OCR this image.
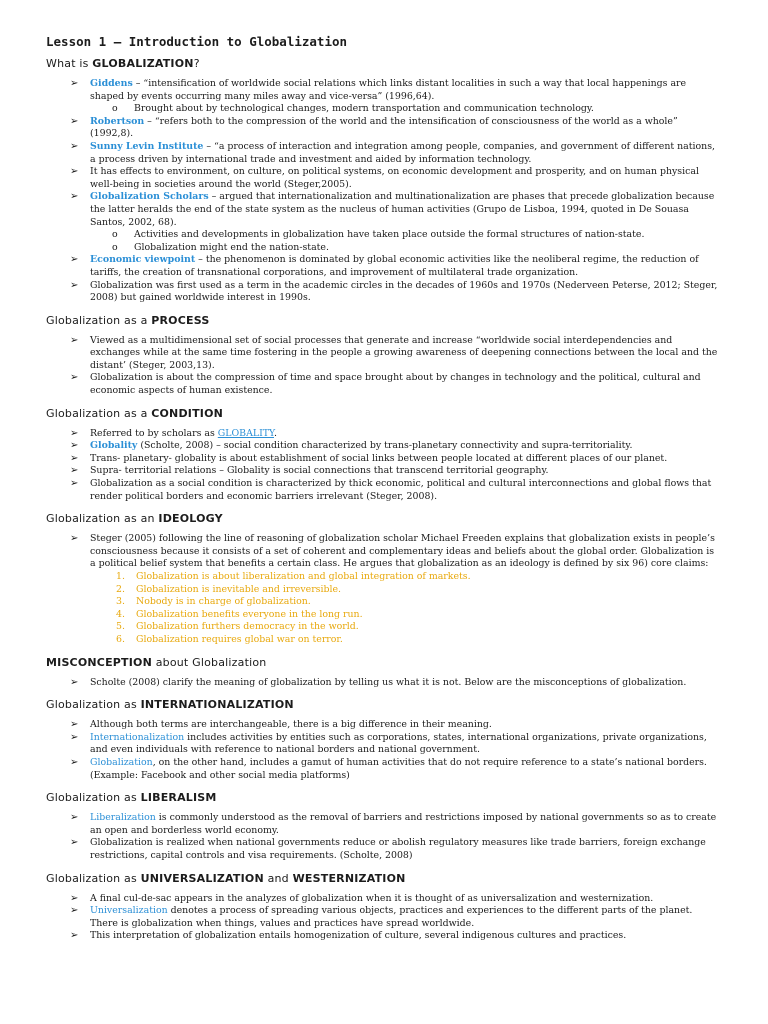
Lesson 1 – Introduction to Globalization
What is GLOBALIZATION?
➢ Giddens – “intensification of worldwide social relations which links distant localities in such a way that local happenings are shaped by events occurring many miles away and vice-versa” (1996,64).
o Brought about by technological changes, modern transportation and communication technology.
➢ Robertson – “refers both to the compression of the world and the intensification of consciousness of the world as a whole” (1992,8).
➢ Sunny Levin Institute – “a process of interaction and integration among people, companies, and government of different nations, a process driven by international trade and investment and aided by information technology.
➢ It has effects to environment, on culture, on political systems, on economic development and prosperity, and on human physical well-being in societies around the world (Steger,2005).
➢ Globalization Scholars – argued that internationalization and multinationalization are phases that precede globalization because the latter heralds the end of the state system as the nucleus of human activities (Grupo de Lisboa, 1994, quoted in De Souasa Santos, 2002, 68).
o Activities and developments in globalization have taken place outside the formal structures of nation-state.
o Globalization might end the nation-state.
➢ Economic viewpoint – the phenomenon is dominated by global economic activities like the neoliberal regime, the reduction of tariffs, the creation of transnational corporations, and improvement of multilateral trade organization.
➢ Globalization was first used as a term in the academic circles in the decades of 1960s and 1970s (Nederveen Peterse, 2012; Steger, 2008) but gained worldwide interest in 1990s.
Globalization as a PROCESS
➢ Viewed as a multidimensional set of social processes that generate and increase “worldwide social interdependencies and exchanges while at the same time fostering in the people a growing awareness of deepening connections between the local and the distant’ (Steger, 2003,13).
➢ Globalization is about the compression of time and space brought about by changes in technology and the political, cultural and economic aspects of human existence.
Globalization as a CONDITION
➢ Referred to by scholars as GLOBALITY.
➢ Globality (Scholte, 2008) – social condition characterized by trans-planetary connectivity and supra-territoriality.
➢ Trans- planetary- globality is about establishment of social links between people located at different places of our planet.
➢ Supra- territorial relations – Globality is social connections that transcend territorial geography.
➢ Globalization as a social condition is characterized by thick economic, political and cultural interconnections and global flows that render political borders and economic barriers irrelevant (Steger, 2008).
Globalization as an IDEOLOGY
➢ Steger (2005) following the line of reasoning of globalization scholar Michael Freeden explains that globalization exists in people’s consciousness because it consists of a set of coherent and complementary ideas and beliefs about the global order. Globalization is a political belief system that benefits a certain class. He argues that globalization as an ideology is defined by six 96) core claims:
1. Globalization is about liberalization and global integration of markets.
2. Globalization is inevitable and irreversible.
3. Nobody is in charge of globalization.
4. Globalization benefits everyone in the long run.
5. Globalization furthers democracy in the world.
6. Globalization requires global war on terror.
MISCONCEPTION about Globalization
➢ Scholte (2008) clarify the meaning of globalization by telling us what it is not. Below are the misconceptions of globalization.
Globalization as INTERNATIONALIZATION
➢ Although both terms are interchangeable, there is a big difference in their meaning.
➢ Internationalization includes activities by entities such as corporations, states, international organizations, private organizations, and even individuals with reference to national borders and national government.
➢ Globalization, on the other hand, includes a gamut of human activities that do not require reference to a state’s national borders. (Example: Facebook and other social media platforms)
Globalization as LIBERALISM
➢ Liberalization is commonly understood as the removal of barriers and restrictions imposed by national governments so as to create an open and borderless world economy.
➢ Globalization is realized when national governments reduce or abolish regulatory measures like trade barriers, foreign exchange restrictions, capital controls and visa requirements. (Scholte, 2008)
Globalization as UNIVERSALIZATION and WESTERNIZATION
➢ A final cul-de-sac appears in the analyzes of globalization when it is thought of as universalization and westernization.
➢ Universalization denotes a process of spreading various objects, practices and experiences to the different parts of the planet. There is globalization when things, values and practices have spread worldwide.
➢ This interpretation of globalization entails homogenization of culture, several indigenous cultures and practices.
